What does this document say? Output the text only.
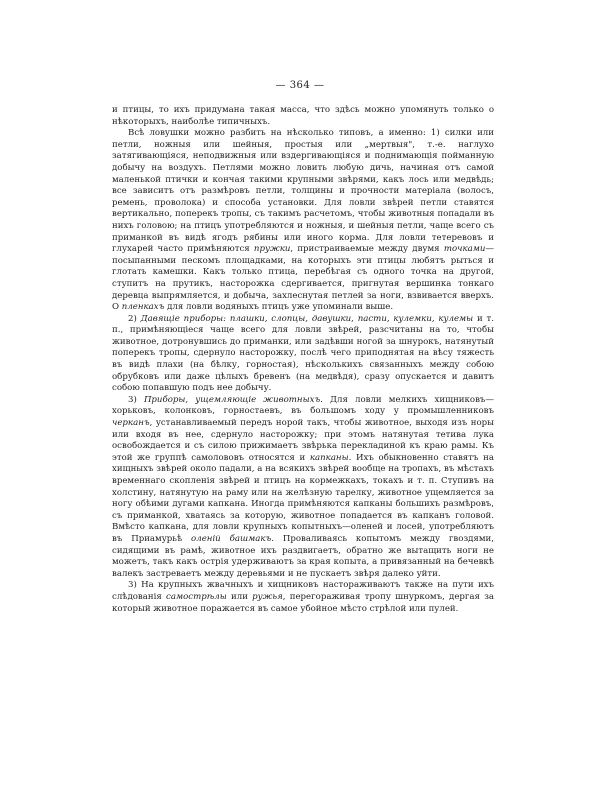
— 364 —

и птицы, то ихъ придумана такая масса, что здѣсь можно упомянуть только о нѣкоторыхъ, наиболѣе типичныхъ.

Всѣ ловушки можно разбить на нѣсколько типовъ, а именно: 1) силки или петли, ножныя или шейныя, простыя или „мертвыя", т.-е. наглухо затягивающіяся, неподвижныя или вздергивающіяся и поднимающія пойманную добычу на воздухъ. Петлями можно ловить любую дичь, начиная отъ самой маленькой птички и кончая такими крупными звѣрями, какъ лось или медвѣдь; все зависитъ отъ размѣровъ петли, толщины и прочности матеріала (волосъ, ремень, проволока) и способа установки. Для ловли звѣрей петли ставятся вертикально, поперекъ тропы, съ такимъ расчетомъ, чтобы животныя попадали въ нихъ головою; на птицъ употребляются и ножныя, и шейныя петли, чаще всего съ приманкой въ видѣ ягодъ рябины или иного корма. Для ловли тетеревовъ и глухарей часто примѣняются пружки, пристраиваемые между двумя точками—посыпанными пескомъ площадками, на которыхъ эти птицы любятъ рыться и глотать камешки. Какъ только птица, перебѣгая съ одного точка на другой, ступитъ на прутикъ, насторожка сдергивается, пригнутая вершинка тонкаго деревца выпрямляется, и добыча, захлеснутая петлей за ноги, взвивается вверхъ. О пленкахъ для ловли водяныхъ птицъ уже упоминали выше.

2) Давящіе приборы: плашки, слопцы, давушки, пасти, кулемки, кулемы и т. п., примѣняющіеся чаще всего для ловли звѣрей, разсчитаны на то, чтобы животное, дотронувшись до приманки, или задѣвши ногой за шнурокъ, натянутый поперекъ тропы, сдернуло насторожку, послѣ чего приподнятая на вѣсу тяжесть въ видѣ плахи (на бѣлку, горностая), нѣсколькихъ связанныхъ между собою обрубковъ или даже цѣлыхъ бревенъ (на медвѣдя), сразу опускается и давитъ собою попавшую подъ нее добычу.

3) Приборы, ущемляющіе животныхъ. Для ловли мелкихъ хищниковъ—хорьковъ, колонковъ, горностаевъ, въ большомъ ходу у промышленниковъ черканъ, устанавливаемый передъ норой такъ, чтобы животное, выходя изъ норы или входя въ нее, сдернуло насторожку; при этомъ натянутая тетива лука освобождается и съ силою прижимаетъ звѣрька перекладиной къ краю рамы. Къ этой же группѣ самолововъ относятся и капканы. Ихъ обыкновенно ставятъ на хищныхъ звѣрей около падали, а на всякихъ звѣрей вообще на тропахъ, въ мѣстахъ временнаго скопленія звѣрей и птицъ на кормежкахъ, токахъ и т. п. Ступивъ на холстину, натянутую на раму или на желѣзную тарелку, животное ущемляется за ногу обѣими дугами капкана. Иногда примѣняются капканы большихъ размѣровъ, съ приманкой, хватаясь за которую, животное попадается въ капканъ головой. Вмѣсто капкана, для ловли крупныхъ копытныхъ—оленей и лосей, употребляютъ въ Приамурьѣ оленій башмакъ. Проваливаясь копытомъ между гвоздями, сидящими въ рамѣ, животное ихъ раздвигаетъ, обратно же вытащить ноги не можетъ, такъ какъ острія удерживаютъ за края копыта, а привязанный на бечевкѣ валекъ застреваетъ между деревьями и не пускаетъ звѣря далеко уйти.

3) На крупныхъ жвачныхъ и хищниковъ настораживаютъ также на пути ихъ слѣдованія самострѣлы или ружья, перегораживая тропу шнуркомъ, дергая за который животное поражается въ самое убойное мѣсто стрѣлой или пулей.
